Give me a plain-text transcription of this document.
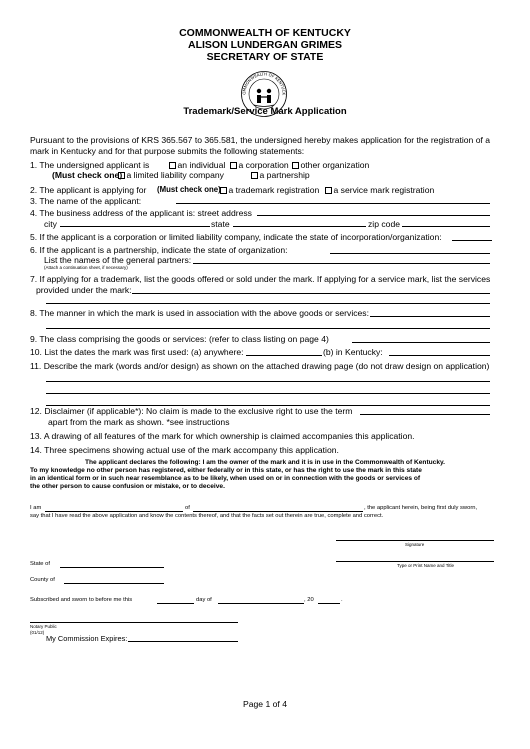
COMMONWEALTH OF KENTUCKY
ALISON LUNDERGAN GRIMES
SECRETARY OF STATE
OMMONWEALTH OF KENTUCK
Trademark/Service Mark Application
Pursuant to the provisions of KRS 365.567 to 365.581, the undersigned hereby makes application for the registration of a
mark in Kentucky and for that purpose submits the following statements:
1. The undersigned applicant is	an individual	a corporation	other organization
(Must check one) a limited liability company	a partnership
2. The applicant is applying for (Must check one) a trademark registration	a service mark registration
3. The name of the applicant:
4. The business address of the applicant is: street address
city	state	zip code
5. If the applicant is a corporation or limited liability company, indicate the state of incorporation/organization:
6. If the applicant is a partnership, indicate the state of organization:
List the names of the general partners:
(Attach a continuation sheet, if necessary)
7. If applying for a trademark, list the goods offered or sold under the mark. If applying for a service mark, list the services
provided under the mark:
8. The manner in which the mark is used in association with the above goods or services:
9. The class comprising the goods or services: (refer to class listing on page 4)
10. List the dates the mark was first used: (a) anywhere:	(b) in Kentucky:
11. Describe the mark (words and/or design) as shown on the attached drawing page (do not draw design on application)
12. Disclaimer (if applicable*): No claim is made to the exclusive right to use the term
apart from the mark as shown. *see instructions
13. A drawing of all features of the mark for which ownership is claimed accompanies this application.
14. Three specimens showing actual use of the mark accompany this application.
The applicant declares the following: I am the owner of the mark and it is in use in the Commonwealth of Kentucky.
To my knowledge no other person has registered, either federally or in this state, or has the right to use the mark in this state
in an identical form or in such near resemblance as to be likely, when used on or in connection with the goods or services of
the other person to cause confusion or mistake, or to deceive.
I am	of	, the applicant herein, being first duly sworn,
say that I have read the above application and know the contents thereof, and that the facts set out therein are true, complete and correct.
Signature
Type or Print Name and Title
State of
County of
Subscribed and sworn to before me this	day of	, 20	.
Notary Public
(01/12)
My Commission Expires:
Page 1 of 4
